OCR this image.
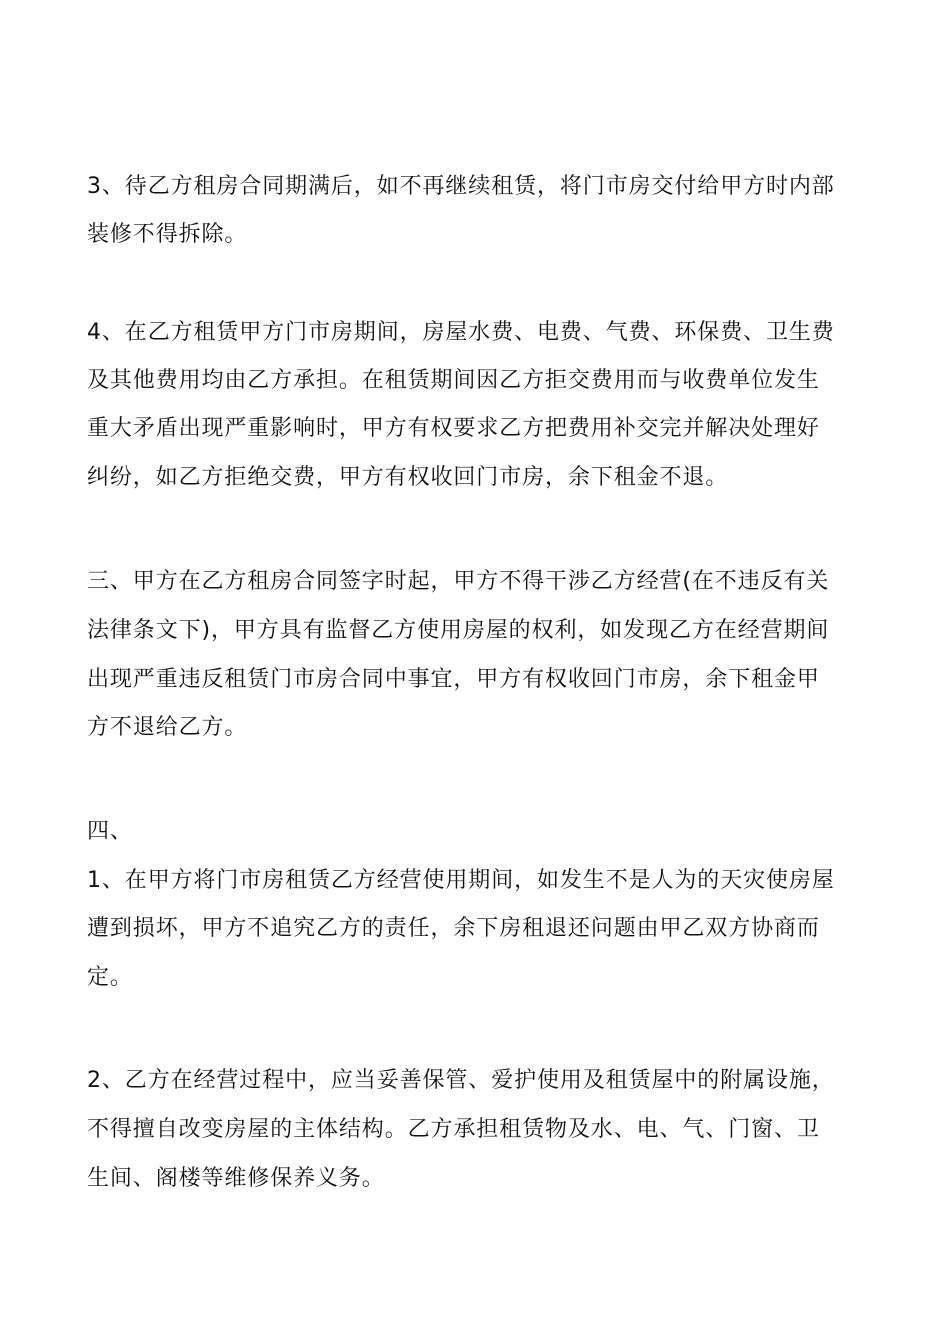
3、待乙方租房合同期满后，如不再继续租赁，将门市房交付给甲方时内部
装修不得拆除。
4、在乙方租赁甲方门市房期间，房屋水费、电费、气费、环保费、卫生费
及其他费用均由乙方承担。在租赁期间因乙方拒交费用而与收费单位发生
重大矛盾出现严重影响时，甲方有权要求乙方把费用补交完并解决处理好
纠纷，如乙方拒绝交费，甲方有权收回门市房，余下租金不退。
三、甲方在乙方租房合同签字时起，甲方不得干涉乙方经营(在不违反有关
法律条文下)，甲方具有监督乙方使用房屋的权利，如发现乙方在经营期间
出现严重违反租赁门市房合同中事宜，甲方有权收回门市房，余下租金甲
方不退给乙方。
四、
1、在甲方将门市房租赁乙方经营使用期间，如发生不是人为的天灾使房屋
遭到损坏，甲方不追究乙方的责任，余下房租退还问题由甲乙双方协商而
定。
2、乙方在经营过程中，应当妥善保管、爱护使用及租赁屋中的附属设施，
不得擅自改变房屋的主体结构。乙方承担租赁物及水、电、气、门窗、卫
生间、阁楼等维修保养义务。
